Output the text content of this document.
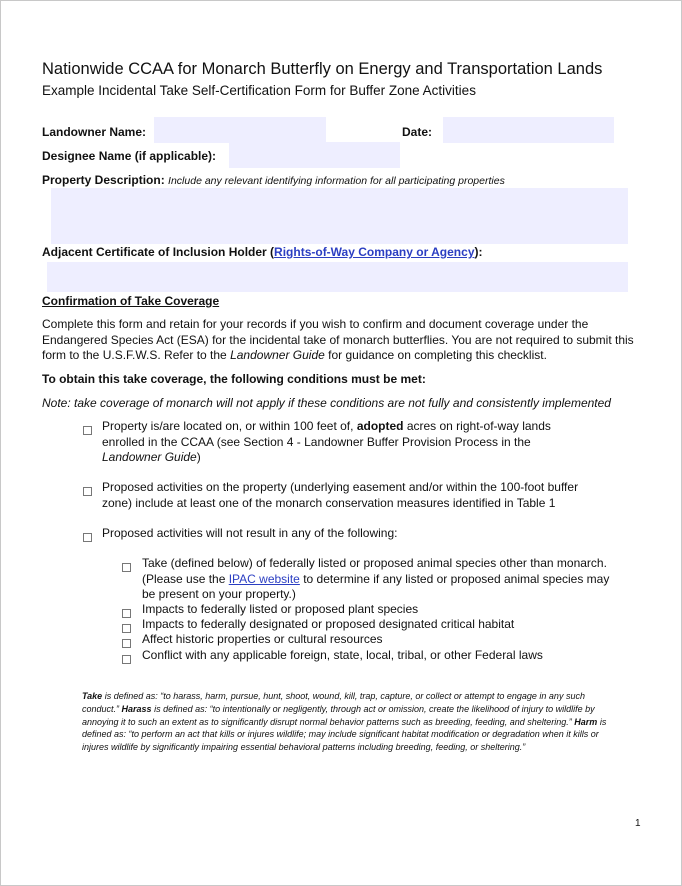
Nationwide CCAA for Monarch Butterfly on Energy and Transportation Lands
Example Incidental Take Self-Certification Form for Buffer Zone Activities
Landowner Name:	Date:
Designee Name (if applicable):
Property Description: Include any relevant identifying information for all participating properties
Adjacent Certificate of Inclusion Holder (Rights-of-Way Company or Agency):
Confirmation of Take Coverage
Complete this form and retain for your records if you wish to confirm and document coverage under the Endangered Species Act (ESA) for the incidental take of monarch butterflies. You are not required to submit this form to the U.S.F.W.S. Refer to the Landowner Guide for guidance on completing this checklist.
To obtain this take coverage, the following conditions must be met:
Note: take coverage of monarch will not apply if these conditions are not fully and consistently implemented
Property is/are located on, or within 100 feet of, adopted acres on right-of-way lands enrolled in the CCAA (see Section 4 - Landowner Buffer Provision Process in the Landowner Guide)
Proposed activities on the property (underlying easement and/or within the 100-foot buffer zone) include at least one of the monarch conservation measures identified in Table 1
Proposed activities will not result in any of the following:
Take (defined below) of federally listed or proposed animal species other than monarch. (Please use the IPAC website to determine if any listed or proposed animal species may be present on your property.)
Impacts to federally listed or proposed plant species
Impacts to federally designated or proposed designated critical habitat
Affect historic properties or cultural resources
Conflict with any applicable foreign, state, local, tribal, or other Federal laws
Take is defined as: “to harass, harm, pursue, hunt, shoot, wound, kill, trap, capture, or collect or attempt to engage in any such conduct.” Harass is defined as: “to intentionally or negligently, through act or omission, create the likelihood of injury to wildlife by annoying it to such an extent as to significantly disrupt normal behavior patterns such as breeding, feeding, and sheltering.” Harm is defined as: “to perform an act that kills or injures wildlife; may include significant habitat modification or degradation when it kills or injures wildlife by significantly impairing essential behavioral patterns including breeding, feeding, or sheltering.”
1
